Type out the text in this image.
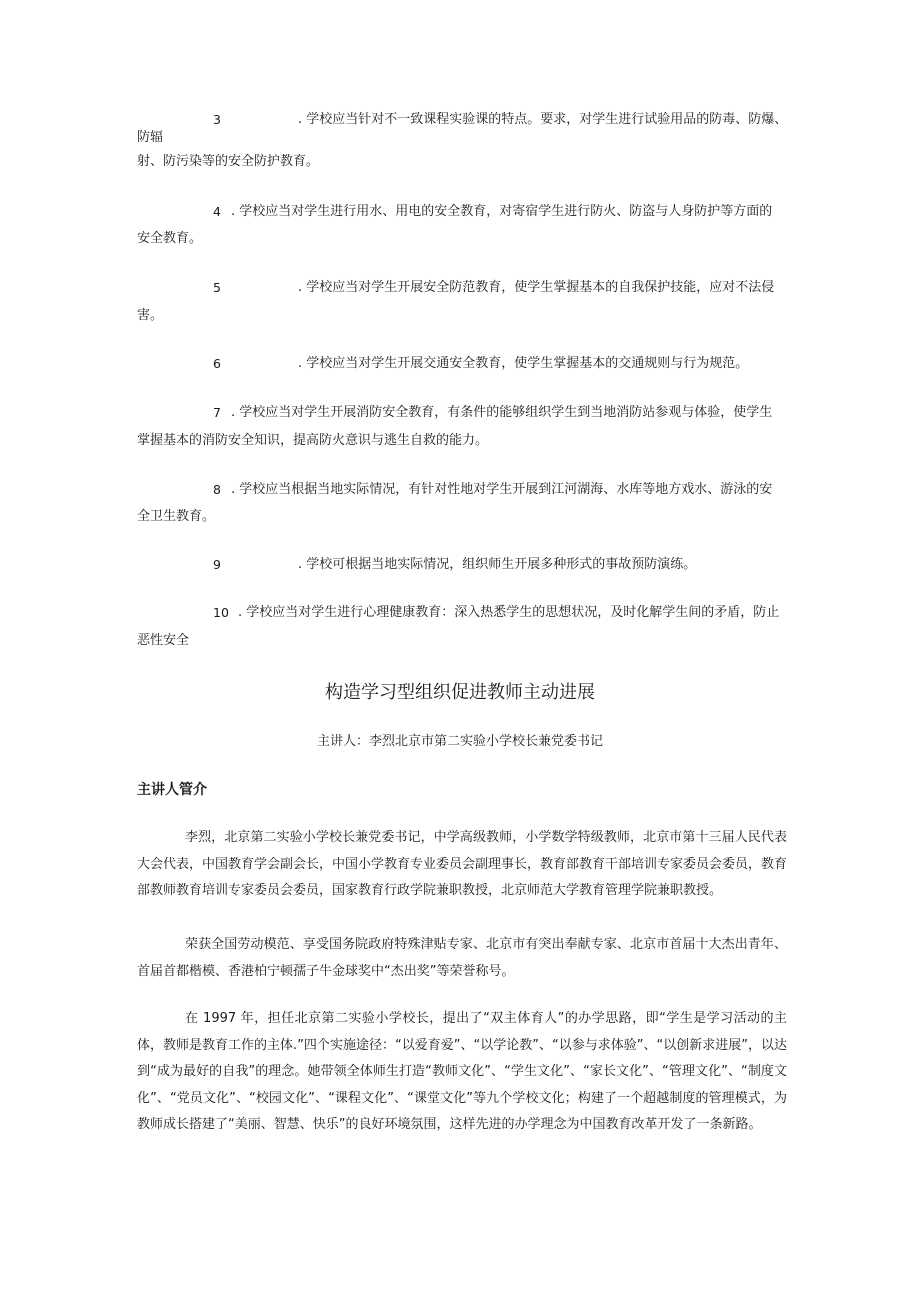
3	. 学校应当针对不一致课程实验课的特点。要求，对学生进行试验用品的防毒、防爆、
防辐
射、防污染等的安全防护教育。
4 . 学校应当对学生进行用水、用电的安全教育，对寄宿学生进行防火、防盗与人身防护等方面的
安全教育。
5	. 学校应当对学生开展安全防范教育，使学生掌握基本的自我保护技能，应对不法侵
害。
6	. 学校应当对学生开展交通安全教育，使学生掌握基本的交通规则与行为规范。
7 . 学校应当对学生开展消防安全教育，有条件的能够组织学生到当地消防站参观与体验，使学生
掌握基本的消防安全知识，提高防火意识与逃生自救的能力。
8 . 学校应当根据当地实际情况，有针对性地对学生开展到江河湖海、水库等地方戏水、游泳的安
全卫生教育。
9	. 学校可根据当地实际情况，组织师生开展多种形式的事故预防演练。
10 . 学校应当对学生进行心理健康教育：深入热悉学生的思想状况，及时化解学生间的矛盾，防止
恶性安全
构造学习型组织促进教师主动进展
主讲人：李烈北京市第二实验小学校长兼党委书记
主讲人管介
李烈，北京第二实验小学校长兼党委书记，中学高级教师，小学数学特级教师，北京市第十三届人民代表大会代表，中国教育学会副会长，中国小学教育专业委员会副理事长，教育部教育干部培训专家委员会委员，教育部教师教育培训专家委员会委员，国家教育行政学院兼职教授，北京师范大学教育管理学院兼职教授。
荣获全国劳动模范、享受国务院政府特殊津贴专家、北京市有突出奉献专家、北京市首届十大杰出青年、首届首都楷模、香港柏宁顿孺子牛金球奖中“杰出奖”等荣誉称号。
在 1997 年，担任北京第二实验小学校长，提出了“双主体育人”的办学思路，即“学生是学习活动的主体，教师是教育工作的主体.”四个实施途径：“以爱育爱”、“以学论教”、“以参与求体验”、“以创新求进展”，以达到“成为最好的自我”的理念。她带领全体师生打造“教师文化”、“学生文化”、“家长文化”、“管理文化”、“制度文化”、“党员文化”、“校园文化”、“课程文化”、“课堂文化”等九个学校文化；构建了一个超越制度的管理模式，为教师成长搭建了“美丽、智慧、快乐”的良好环境氛围，这样先进的办学理念为中国教育改革开发了一条新路。
